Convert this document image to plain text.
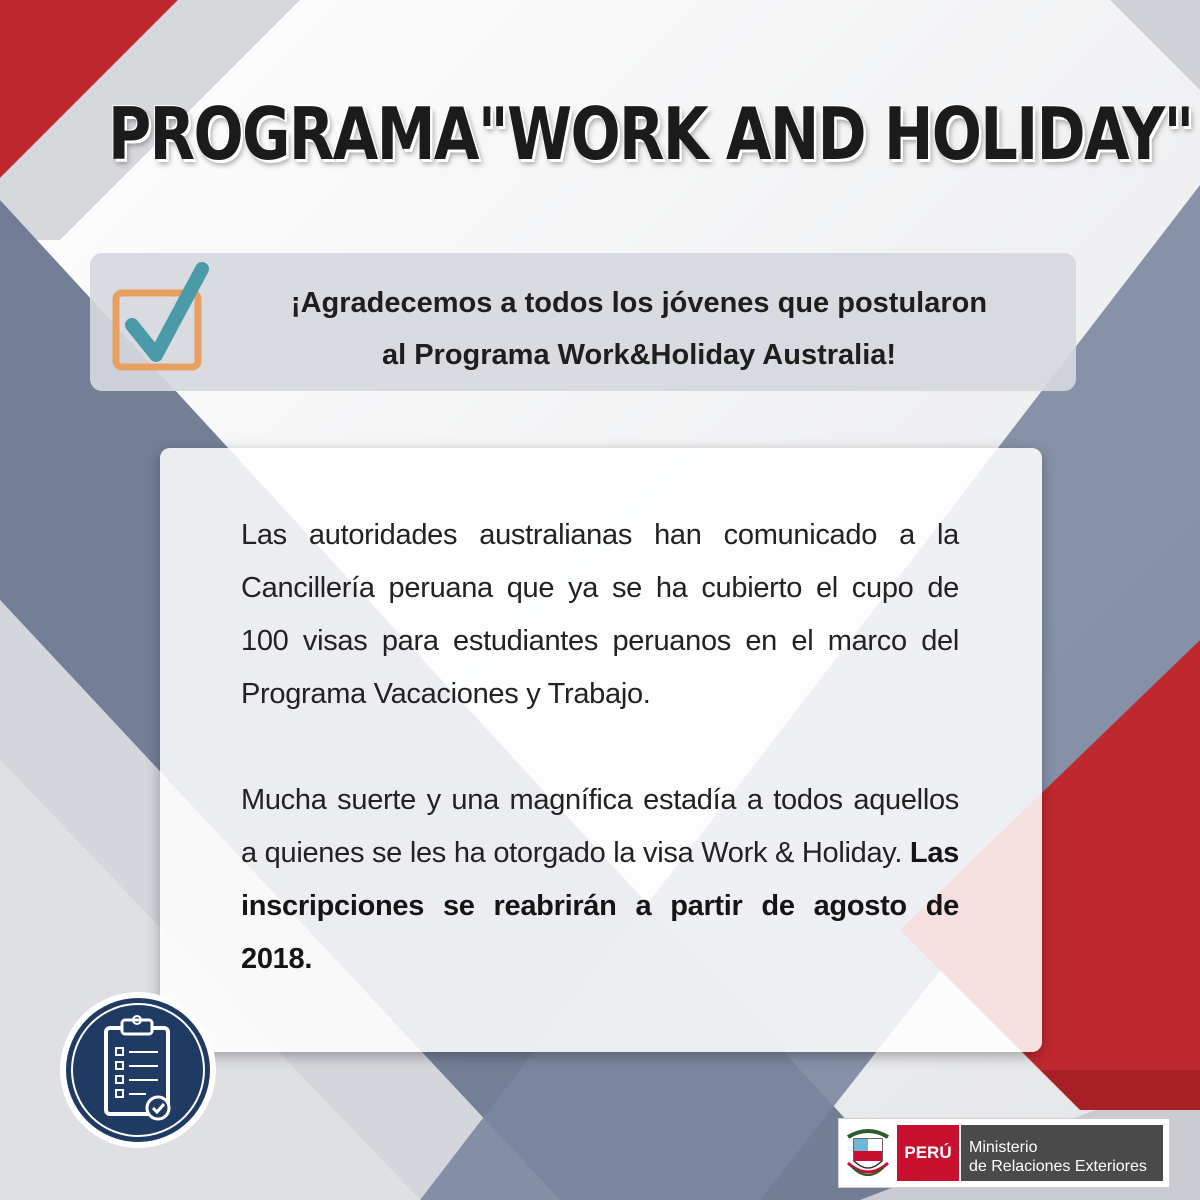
PROGRAMA"WORK AND HOLIDAY"
¡Agradecemos a todos los jóvenes que postularon
al Programa Work&Holiday Australia!

Las autoridades australianas han comunicado a la Cancillería peruana que ya se ha cubierto el cupo de 100 visas para estudiantes peruanos en el marco del Programa Vacaciones y Trabajo.

Mucha suerte y una magnífica estadía a todos aquellos a quienes se les ha otorgado la visa Work & Holiday. Las inscripciones se reabrirán a partir de agosto de 2018.

PERÚ	Ministerio
de Relaciones Exteriores
